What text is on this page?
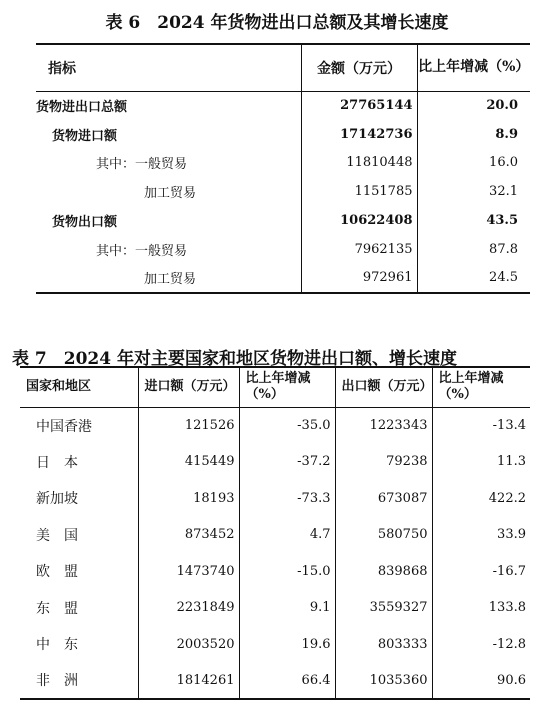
表 6　2024 年货物进出口总额及其增长速度
指标	金额（万元）	比上年增减（%）
货物进出口总额	27765144	20.0
货物进口额	17142736	8.9
其中：一般贸易	11810448	16.0
加工贸易	1151785	32.1
货物出口额	10622408	43.5
其中：一般贸易	7962135	87.8
加工贸易	972961	24.5
表 7　2024 年对主要国家和地区货物进出口额、增长速度
国家和地区	进口额（万元）	比上年增减（%）	出口额（万元）	比上年增减（%）
中国香港	121526	-35.0	1223343	-13.4
日　本	415449	-37.2	79238	11.3
新加坡	18193	-73.3	673087	422.2
美　国	873452	4.7	580750	33.9
欧　盟	1473740	-15.0	839868	-16.7
东　盟	2231849	9.1	3559327	133.8
中　东	2003520	19.6	803333	-12.8
非　洲	1814261	66.4	1035360	90.6
